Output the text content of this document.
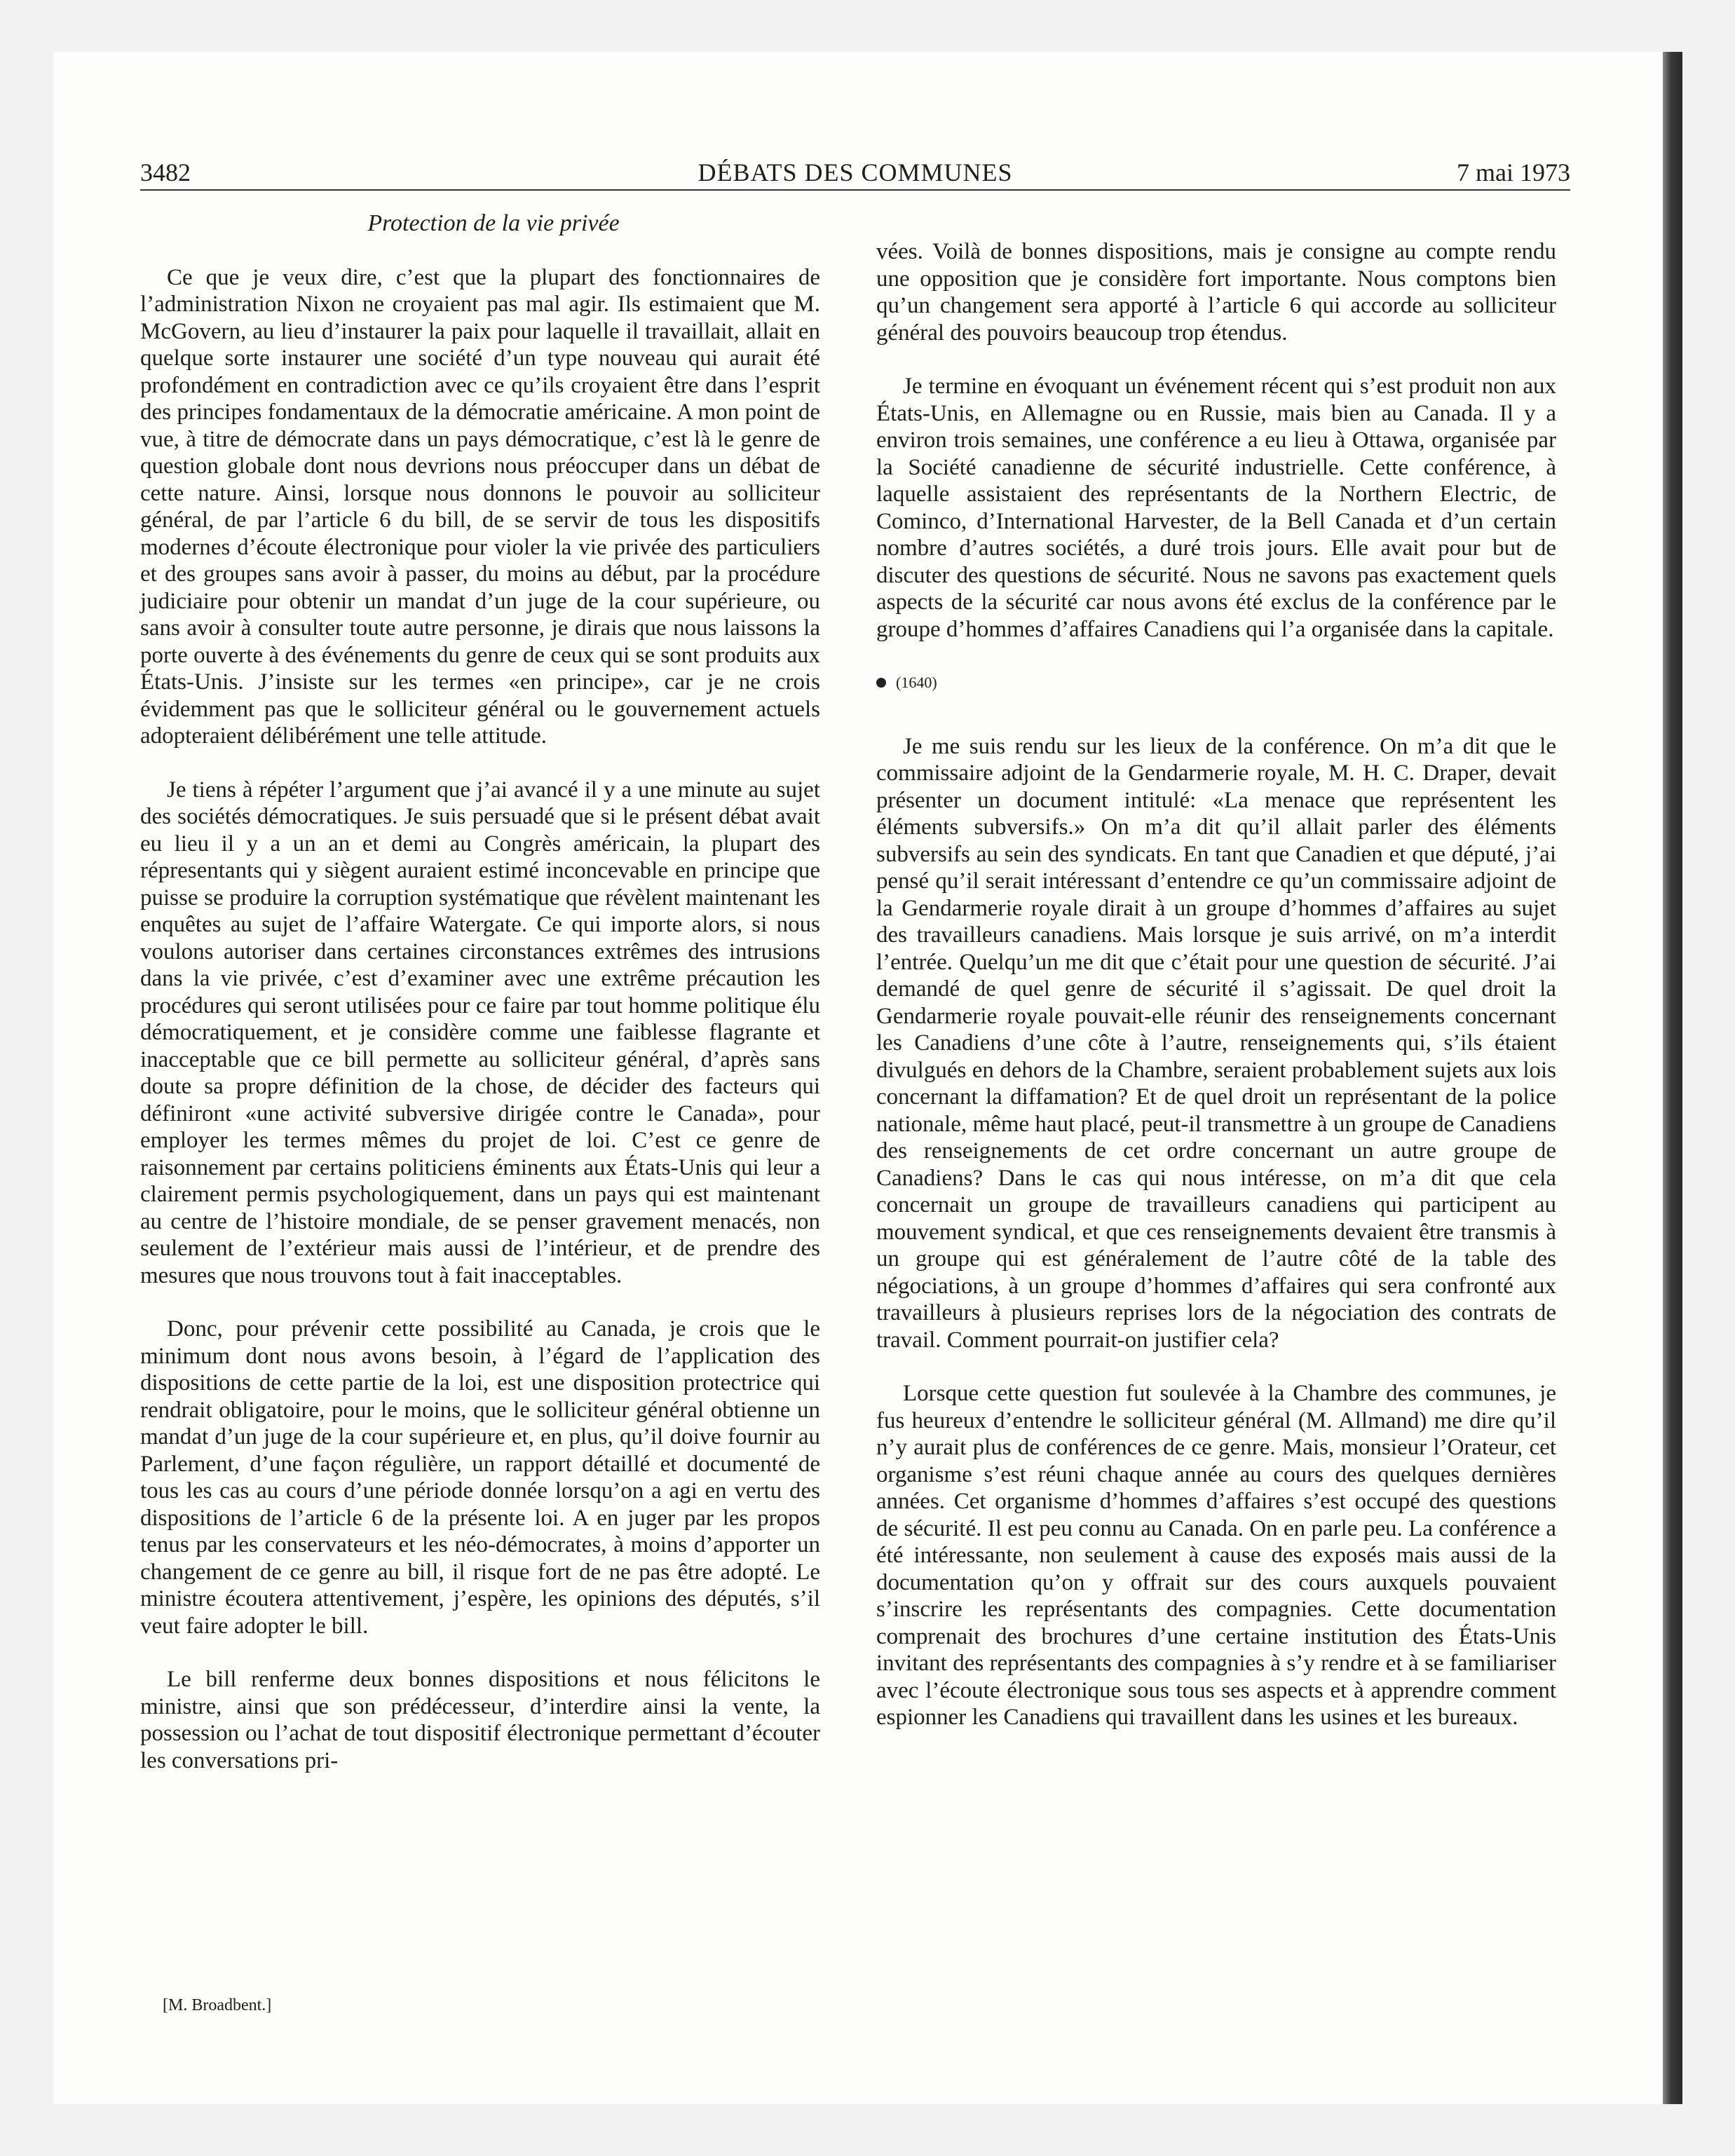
3482	DÉBATS DES COMMUNES	7 mai 1973

Protection de la vie privée

Ce que je veux dire, c’est que la plupart des fonctionnaires de l’administration Nixon ne croyaient pas mal agir. Ils estimaient que M. McGovern, au lieu d’instaurer la paix pour laquelle il travaillait, allait en quelque sorte instaurer une société d’un type nouveau qui aurait été profondément en contradiction avec ce qu’ils croyaient être dans l’esprit des principes fondamentaux de la démocratie américaine. A mon point de vue, à titre de démocrate dans un pays démocratique, c’est là le genre de question globale dont nous devrions nous préoccuper dans un débat de cette nature. Ainsi, lorsque nous donnons le pouvoir au solliciteur général, de par l’article 6 du bill, de se servir de tous les dispositifs modernes d’écoute électronique pour violer la vie privée des particuliers et des groupes sans avoir à passer, du moins au début, par la procédure judiciaire pour obtenir un mandat d’un juge de la cour supérieure, ou sans avoir à consulter toute autre personne, je dirais que nous laissons la porte ouverte à des événements du genre de ceux qui se sont produits aux États-Unis. J’insiste sur les termes «en principe», car je ne crois évidemment pas que le solliciteur général ou le gouvernement actuels adopteraient délibérément une telle attitude.

Je tiens à répéter l’argument que j’ai avancé il y a une minute au sujet des sociétés démocratiques. Je suis persuadé que si le présent débat avait eu lieu il y a un an et demi au Congrès américain, la plupart des répresentants qui y siègent auraient estimé inconcevable en principe que puisse se produire la corruption systématique que révèlent maintenant les enquêtes au sujet de l’affaire Watergate. Ce qui importe alors, si nous voulons autoriser dans certaines circonstances extrêmes des intrusions dans la vie privée, c’est d’examiner avec une extrême précaution les procédures qui seront utilisées pour ce faire par tout homme politique élu démocratiquement, et je considère comme une faiblesse flagrante et inacceptable que ce bill permette au solliciteur général, d’après sans doute sa propre définition de la chose, de décider des facteurs qui définiront «une activité subversive dirigée contre le Canada», pour employer les termes mêmes du projet de loi. C’est ce genre de raisonnement par certains politiciens éminents aux États-Unis qui leur a clairement permis psychologiquement, dans un pays qui est maintenant au centre de l’histoire mondiale, de se penser gravement menacés, non seulement de l’extérieur mais aussi de l’intérieur, et de prendre des mesures que nous trouvons tout à fait inacceptables.

Donc, pour prévenir cette possibilité au Canada, je crois que le minimum dont nous avons besoin, à l’égard de l’application des dispositions de cette partie de la loi, est une disposition protectrice qui rendrait obligatoire, pour le moins, que le solliciteur général obtienne un mandat d’un juge de la cour supérieure et, en plus, qu’il doive fournir au Parlement, d’une façon régulière, un rapport détaillé et documenté de tous les cas au cours d’une période donnée lorsqu’on a agi en vertu des dispositions de l’article 6 de la présente loi. A en juger par les propos tenus par les conservateurs et les néo-démocrates, à moins d’apporter un changement de ce genre au bill, il risque fort de ne pas être adopté. Le ministre écoutera attentivement, j’espère, les opinions des députés, s’il veut faire adopter le bill.

Le bill renferme deux bonnes dispositions et nous félicitons le ministre, ainsi que son prédécesseur, d’interdire ainsi la vente, la possession ou l’achat de tout dispositif électronique permettant d’écouter les conversations pri-

[M. Broadbent.]

vées. Voilà de bonnes dispositions, mais je consigne au compte rendu une opposition que je considère fort importante. Nous comptons bien qu’un changement sera apporté à l’article 6 qui accorde au solliciteur général des pouvoirs beaucoup trop étendus.

Je termine en évoquant un événement récent qui s’est produit non aux États-Unis, en Allemagne ou en Russie, mais bien au Canada. Il y a environ trois semaines, une conférence a eu lieu à Ottawa, organisée par la Société canadienne de sécurité industrielle. Cette conférence, à laquelle assistaient des représentants de la Northern Electric, de Cominco, d’International Harvester, de la Bell Canada et d’un certain nombre d’autres sociétés, a duré trois jours. Elle avait pour but de discuter des questions de sécurité. Nous ne savons pas exactement quels aspects de la sécurité car nous avons été exclus de la conférence par le groupe d’hommes d’affaires Canadiens qui l’a organisée dans la capitale.

(1640)

Je me suis rendu sur les lieux de la conférence. On m’a dit que le commissaire adjoint de la Gendarmerie royale, M. H. C. Draper, devait présenter un document intitulé: «La menace que représentent les éléments subversifs.» On m’a dit qu’il allait parler des éléments subversifs au sein des syndicats. En tant que Canadien et que député, j’ai pensé qu’il serait intéressant d’entendre ce qu’un commissaire adjoint de la Gendarmerie royale dirait à un groupe d’hommes d’affaires au sujet des travailleurs canadiens. Mais lorsque je suis arrivé, on m’a interdit l’entrée. Quelqu’un me dit que c’était pour une question de sécurité. J’ai demandé de quel genre de sécurité il s’agissait. De quel droit la Gendarmerie royale pouvait-elle réunir des renseignements concernant les Canadiens d’une côte à l’autre, renseignements qui, s’ils étaient divulgués en dehors de la Chambre, seraient probablement sujets aux lois concernant la diffamation? Et de quel droit un représentant de la police nationale, même haut placé, peut-il transmettre à un groupe de Canadiens des renseignements de cet ordre concernant un autre groupe de Canadiens? Dans le cas qui nous intéresse, on m’a dit que cela concernait un groupe de travailleurs canadiens qui participent au mouvement syndical, et que ces renseignements devaient être transmis à un groupe qui est généralement de l’autre côté de la table des négociations, à un groupe d’hommes d’affaires qui sera confronté aux travailleurs à plusieurs reprises lors de la négociation des contrats de travail. Comment pourrait-on justifier cela?

Lorsque cette question fut soulevée à la Chambre des communes, je fus heureux d’entendre le solliciteur général (M. Allmand) me dire qu’il n’y aurait plus de conférences de ce genre. Mais, monsieur l’Orateur, cet organisme s’est réuni chaque année au cours des quelques dernières années. Cet organisme d’hommes d’affaires s’est occupé des questions de sécurité. Il est peu connu au Canada. On en parle peu. La conférence a été intéressante, non seulement à cause des exposés mais aussi de la documentation qu’on y offrait sur des cours auxquels pouvaient s’inscrire les représentants des compagnies. Cette documentation comprenait des brochures d’une certaine institution des États-Unis invitant des représentants des compagnies à s’y rendre et à se familiariser avec l’écoute électronique sous tous ses aspects et à apprendre comment espionner les Canadiens qui travaillent dans les usines et les bureaux.
